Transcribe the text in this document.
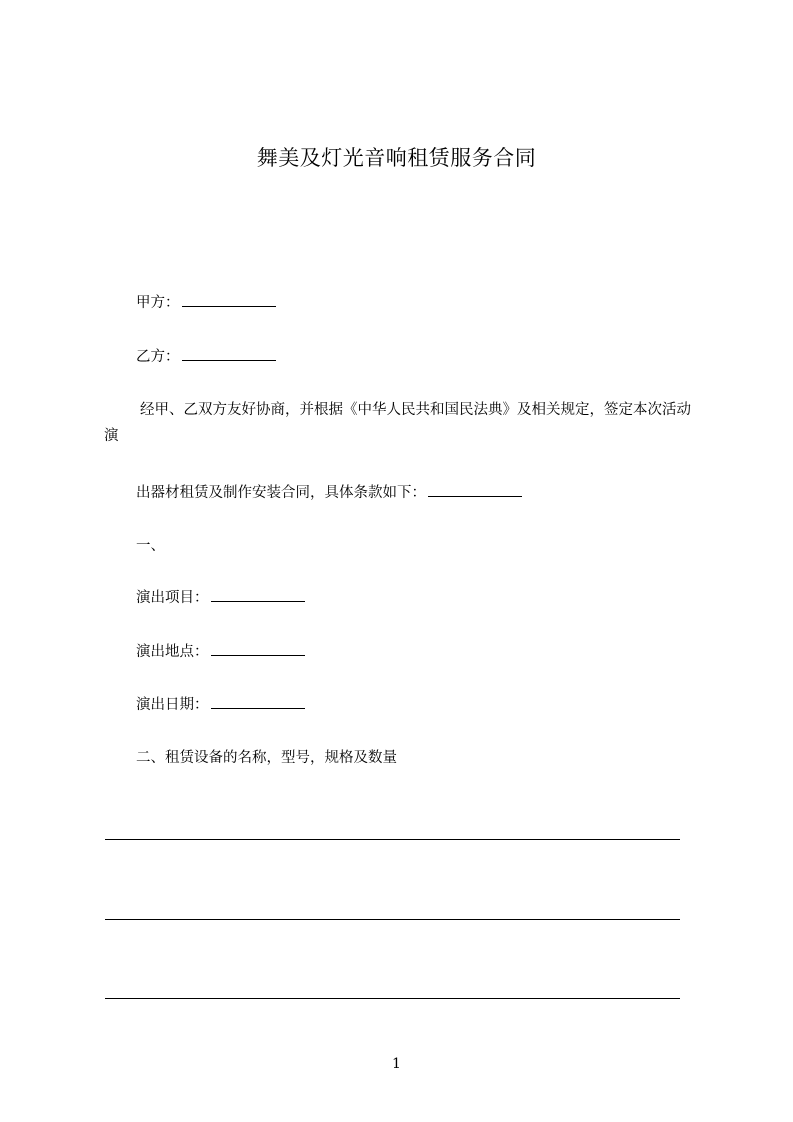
舞美及灯光音响租赁服务合同
甲方：
乙方：
经甲、乙双方友好协商，并根据《中华人民共和国民法典》及相关规定，签定本次活动演
出器材租赁及制作安装合同，具体条款如下：
一、
演出项目：
演出地点：
演出日期：
二、租赁设备的名称，型号，规格及数量
1
